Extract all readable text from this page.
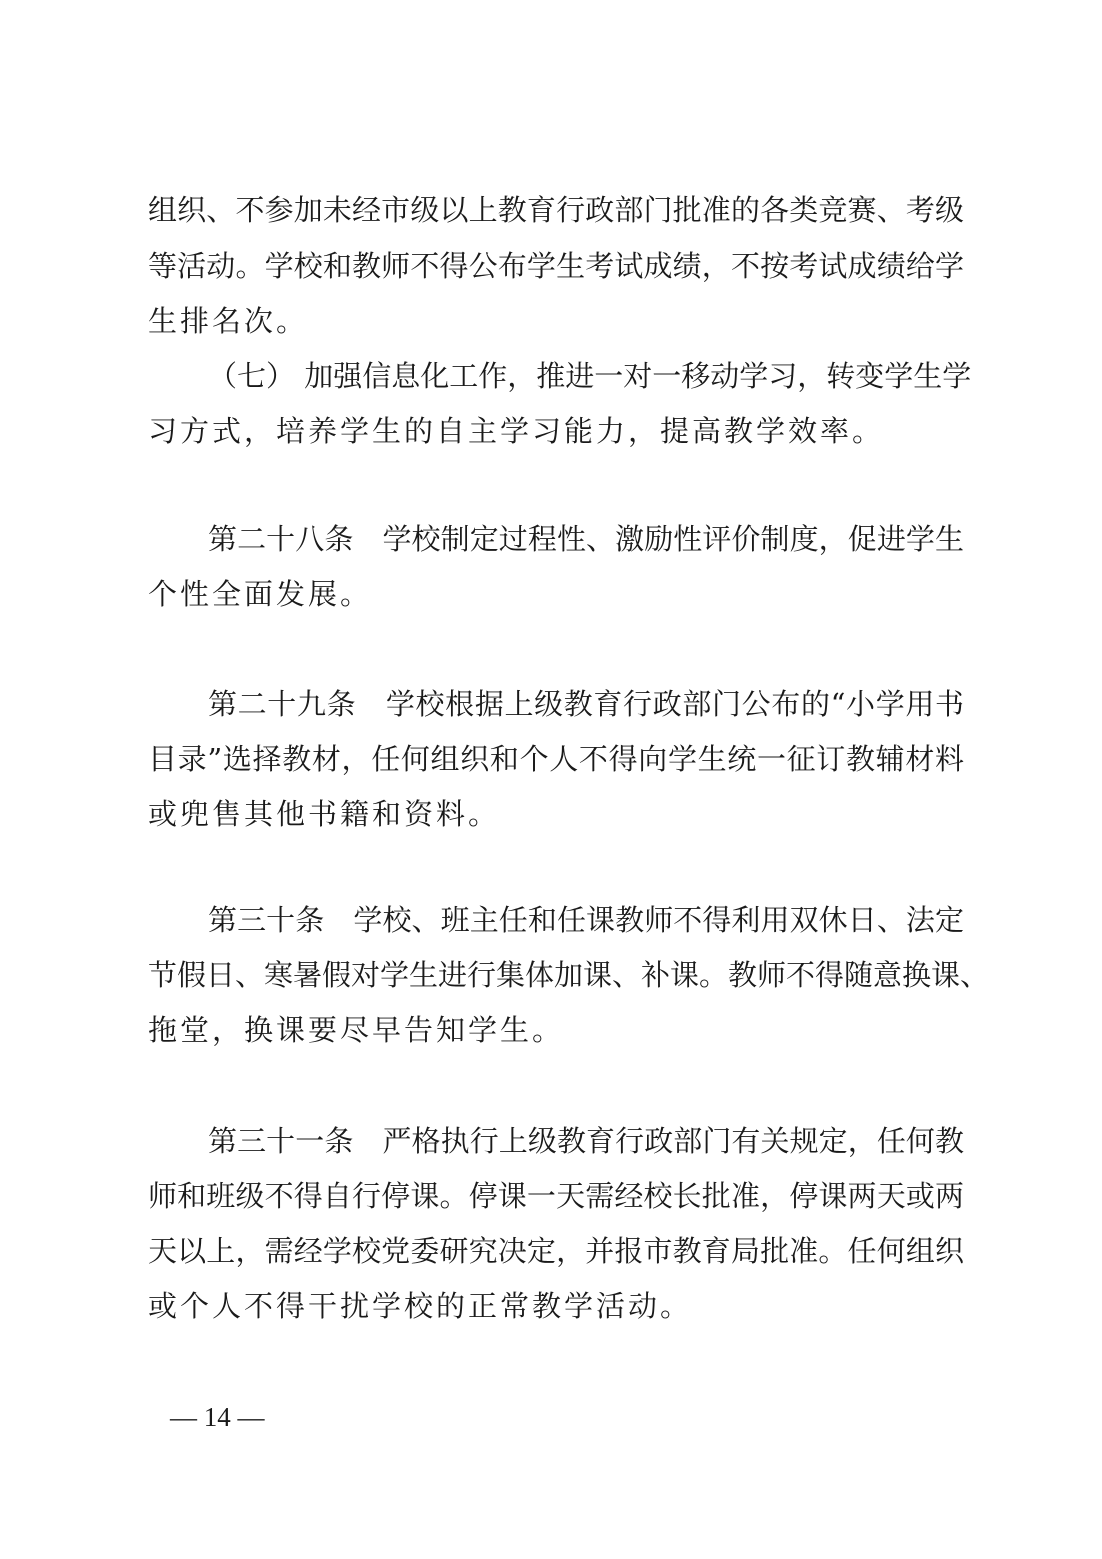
组织、不参加未经市级以上教育行政部门批准的各类竞赛、考级
等活动。学校和教师不得公布学生考试成绩，不按考试成绩给学
生排名次。
（七） 加强信息化工作，推进一对一移动学习，转变学生学
习方式，培养学生的自主学习能力，提高教学效率。
第二十八条　学校制定过程性、激励性评价制度，促进学生
个性全面发展。
第二十九条　学校根据上级教育行政部门公布的“小学用书
目录”选择教材，任何组织和个人不得向学生统一征订教辅材料
或兜售其他书籍和资料。
第三十条　学校、班主任和任课教师不得利用双休日、法定
节假日、寒暑假对学生进行集体加课、补课。教师不得随意换课、
拖堂，换课要尽早告知学生。
第三十一条　严格执行上级教育行政部门有关规定，任何教
师和班级不得自行停课。停课一天需经校长批准，停课两天或两
天以上，需经学校党委研究决定，并报市教育局批准。任何组织
或个人不得干扰学校的正常教学活动。
— 14 —
